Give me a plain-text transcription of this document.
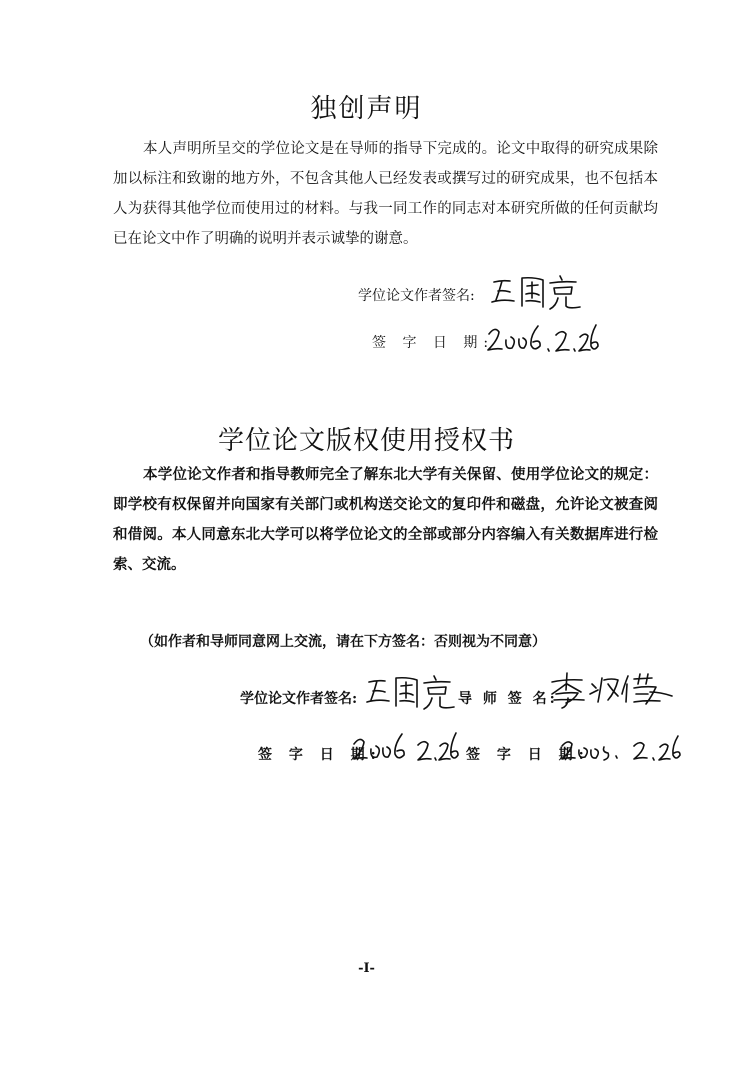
独创声明
本人声明所呈交的学位论文是在导师的指导下完成的。论文中取得的研究成果除加以标注和致谢的地方外，不包含其他人已经发表或撰写过的研究成果，也不包括本人为获得其他学位而使用过的材料。与我一同工作的同志对本研究所做的任何贡献均已在论文中作了明确的说明并表示诚挚的谢意。
学位论文作者签名:
签 字 日 期:
学位论文版权使用授权书
本学位论文作者和指导教师完全了解东北大学有关保留、使用学位论文的规定：即学校有权保留并向国家有关部门或机构送交论文的复印件和磁盘，允许论文被查阅和借阅。本人同意东北大学可以将学位论文的全部或部分内容编入有关数据库进行检索、交流。
（如作者和导师同意网上交流，请在下方签名：否则视为不同意）
学位论文作者签名:	导 师 签 名:
签 字 日 期:	签 字 日 期:
-I-
